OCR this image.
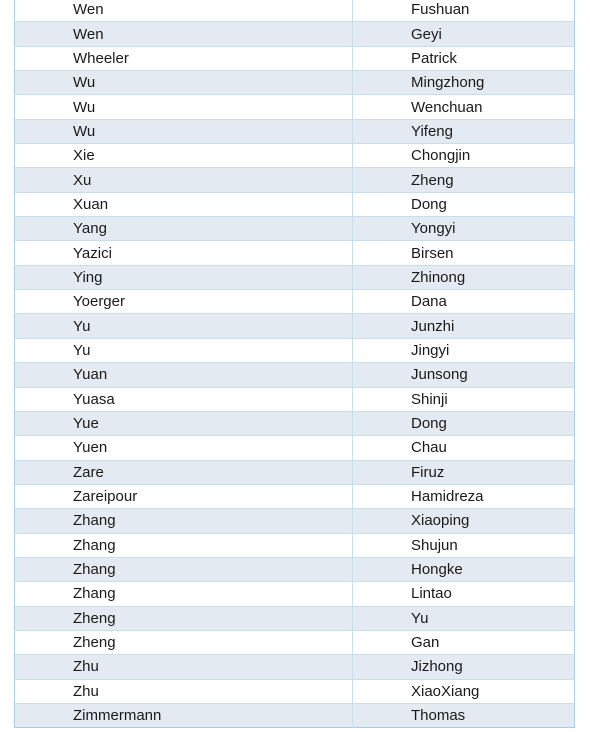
Wen	Fushuan
Wen	Geyi
Wheeler	Patrick
Wu	Mingzhong
Wu	Wenchuan
Wu	Yifeng
Xie	Chongjin
Xu	Zheng
Xuan	Dong
Yang	Yongyi
Yazici	Birsen
Ying	Zhinong
Yoerger	Dana
Yu	Junzhi
Yu	Jingyi
Yuan	Junsong
Yuasa	Shinji
Yue	Dong
Yuen	Chau
Zare	Firuz
Zareipour	Hamidreza
Zhang	Xiaoping
Zhang	Shujun
Zhang	Hongke
Zhang	Lintao
Zheng	Yu
Zheng	Gan
Zhu	Jizhong
Zhu	XiaoXiang
Zimmermann	Thomas
